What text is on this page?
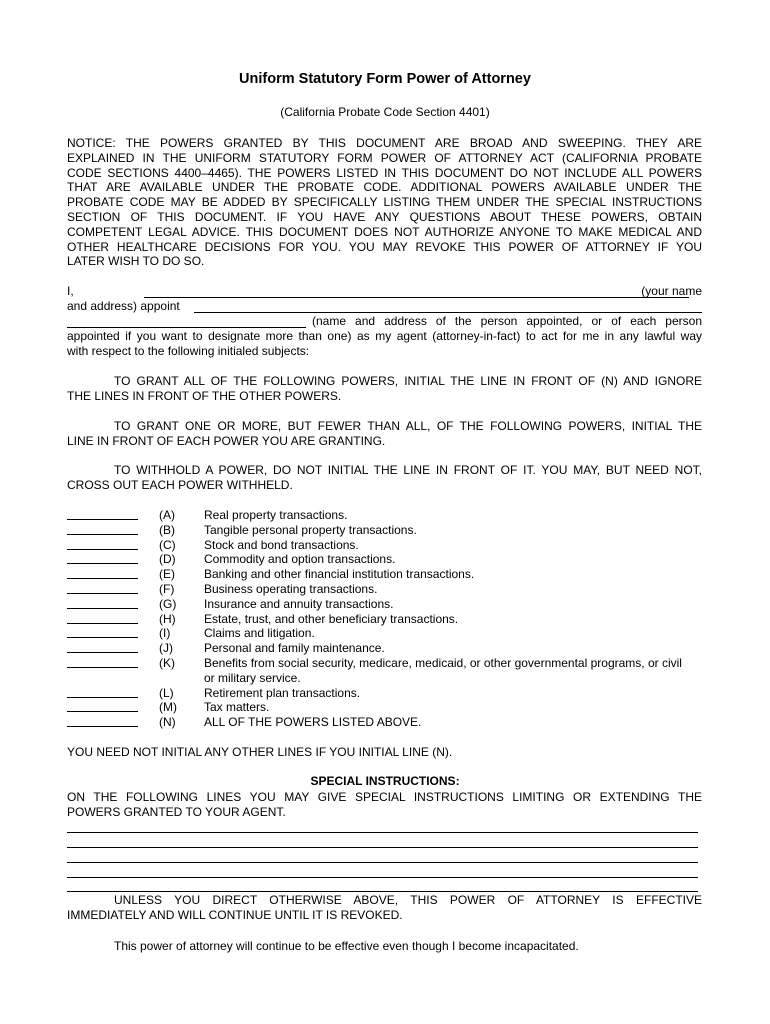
Uniform Statutory Form Power of Attorney
(California Probate Code Section 4401)
NOTICE: THE POWERS GRANTED BY THIS DOCUMENT ARE BROAD AND SWEEPING. THEY ARE
EXPLAINED IN THE UNIFORM STATUTORY FORM POWER OF ATTORNEY ACT (CALIFORNIA PROBATE
CODE SECTIONS 4400–4465). THE POWERS LISTED IN THIS DOCUMENT DO NOT INCLUDE ALL POWERS
THAT ARE AVAILABLE UNDER THE PROBATE CODE. ADDITIONAL POWERS AVAILABLE UNDER THE
PROBATE CODE MAY BE ADDED BY SPECIFICALLY LISTING THEM UNDER THE SPECIAL INSTRUCTIONS
SECTION OF THIS DOCUMENT. IF YOU HAVE ANY QUESTIONS ABOUT THESE POWERS, OBTAIN
COMPETENT LEGAL ADVICE. THIS DOCUMENT DOES NOT AUTHORIZE ANYONE TO MAKE MEDICAL AND
OTHER HEALTHCARE DECISIONS FOR YOU. YOU MAY REVOKE THIS POWER OF ATTORNEY IF YOU
LATER WISH TO DO SO.
I,	(your name
and address) appoint
(name and address of the person appointed, or of each person
appointed if you want to designate more than one) as my agent (attorney-in-fact) to act for me in any lawful way
with respect to the following initialed subjects:
TO GRANT ALL OF THE FOLLOWING POWERS, INITIAL THE LINE IN FRONT OF (N) AND IGNORE
THE LINES IN FRONT OF THE OTHER POWERS.
TO GRANT ONE OR MORE, BUT FEWER THAN ALL, OF THE FOLLOWING POWERS, INITIAL THE
LINE IN FRONT OF EACH POWER YOU ARE GRANTING.
TO WITHHOLD A POWER, DO NOT INITIAL THE LINE IN FRONT OF IT. YOU MAY, BUT NEED NOT,
CROSS OUT EACH POWER WITHHELD.
(A) Real property transactions.
(B) Tangible personal property transactions.
(C) Stock and bond transactions.
(D) Commodity and option transactions.
(E) Banking and other financial institution transactions.
(F) Business operating transactions.
(G) Insurance and annuity transactions.
(H) Estate, trust, and other beneficiary transactions.
(I)	Claims and litigation.
(J)	Personal and family maintenance.
(K) Benefits from social security, medicare, medicaid, or other governmental programs, or civil or military service.
(L)	Retirement plan transactions.
(M) Tax matters.
(N) ALL OF THE POWERS LISTED ABOVE.
YOU NEED NOT INITIAL ANY OTHER LINES IF YOU INITIAL LINE (N).
SPECIAL INSTRUCTIONS:
ON THE FOLLOWING LINES YOU MAY GIVE SPECIAL INSTRUCTIONS LIMITING OR EXTENDING THE
POWERS GRANTED TO YOUR AGENT.
UNLESS YOU DIRECT OTHERWISE ABOVE, THIS POWER OF ATTORNEY IS EFFECTIVE
IMMEDIATELY AND WILL CONTINUE UNTIL IT IS REVOKED.
This power of attorney will continue to be effective even though I become incapacitated.
